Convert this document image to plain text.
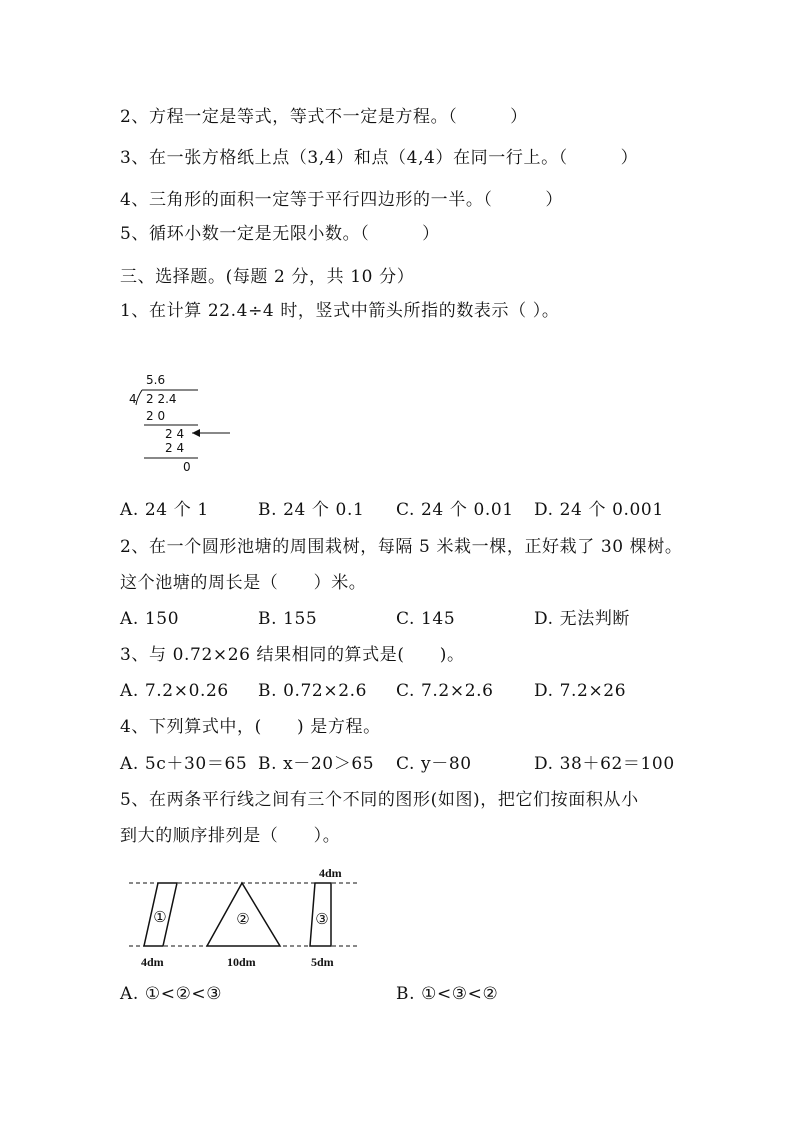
2、方程一定是等式，等式不一定是方程。（　　　）
3、在一张方格纸上点（3,4）和点（4,4）在同一行上。（　　　）
4、三角形的面积一定等于平行四边形的一半。（　　　）
5、循环小数一定是无限小数。（　　　）
三、选择题。(每题 2 分，共 10 分）
1、在计算 22.4÷4 时，竖式中箭头所指的数表示（ ）。
5.6
4 2 2.4
2 0
2 4
2 4
0
A. 24 个 1	B. 24 个 0.1 C. 24 个 0.01 D. 24 个 0.001
2、在一个圆形池塘的周围栽树，每隔 5 米栽一棵，正好栽了 30 棵树。
这个池塘的周长是（　　）米。
A. 150	B. 155	C. 145	D. 无法判断
3、与 0.72×26 结果相同的算式是(　　)。
A. 7.2×0.26 B. 0.72×2.6 C. 7.2×2.6 D. 7.2×26
4、下列算式中，(　　) 是方程。
A. 5c＋30＝65 B. x－20＞65 C. y－80	D. 38＋62＝100
5、在两条平行线之间有三个不同的图形(如图)，把它们按面积从小
到大的顺序排列是（　　）。
①	②	③
4dm
4dm	10dm	5dm
A. ①<②<③	B. ①<③<②
